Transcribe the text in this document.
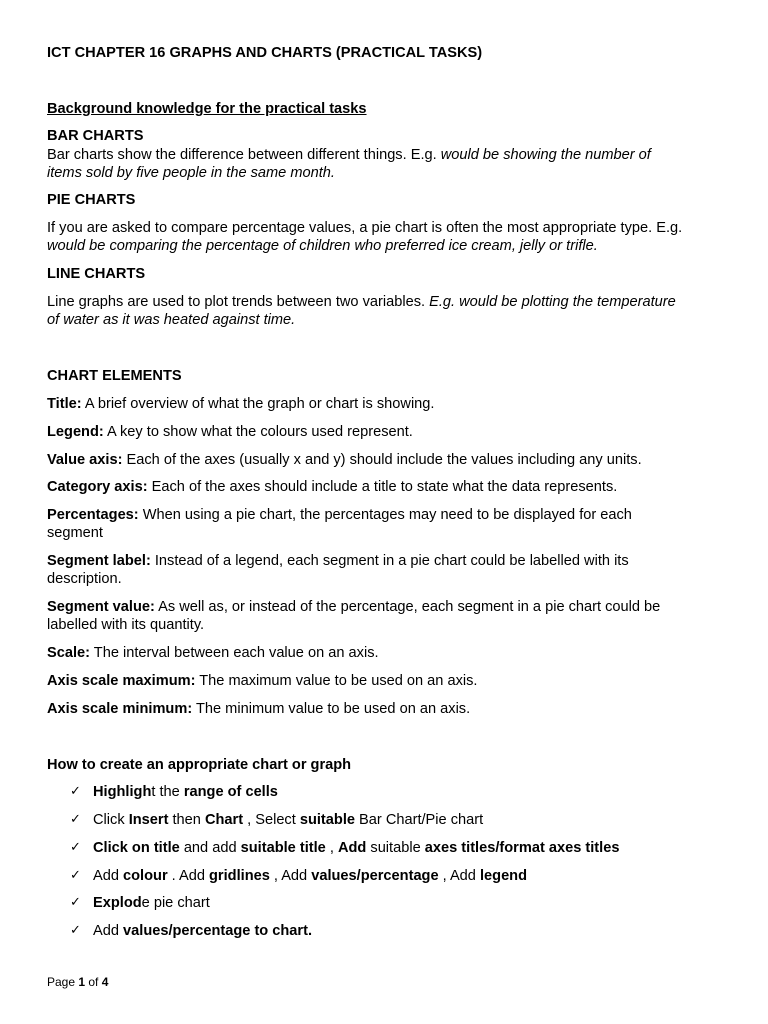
ICT CHAPTER 16 GRAPHS AND CHARTS (PRACTICAL TASKS)
Background knowledge for the practical tasks
BAR CHARTS
Bar charts show the difference between different things. E.g. would be showing the number of
items sold by five people in the same month.
PIE CHARTS
If you are asked to compare percentage values, a pie chart is often the most appropriate type. E.g.
would be comparing the percentage of children who preferred ice cream, jelly or trifle.
LINE CHARTS
Line graphs are used to plot trends between two variables. E.g. would be plotting the temperature
of water as it was heated against time.
CHART ELEMENTS
Title: A brief overview of what the graph or chart is showing.
Legend: A key to show what the colours used represent.
Value axis: Each of the axes (usually x and y) should include the values including any units.
Category axis: Each of the axes should include a title to state what the data represents.
Percentages: When using a pie chart, the percentages may need to be displayed for each
segment
Segment label: Instead of a legend, each segment in a pie chart could be labelled with its
description.
Segment value: As well as, or instead of the percentage, each segment in a pie chart could be
labelled with its quantity.
Scale: The interval between each value on an axis.
Axis scale maximum: The maximum value to be used on an axis.
Axis scale minimum: The minimum value to be used on an axis.
How to create an appropriate chart or graph
✓ Highlight the range of cells
✓ Click Insert then Chart , Select suitable Bar Chart/Pie chart
✓ Click on title and add suitable title , Add suitable axes titles/format axes titles
✓ Add colour . Add gridlines , Add values/percentage , Add legend
✓ Explode pie chart
✓ Add values/percentage to chart.
Page 1 of 4
